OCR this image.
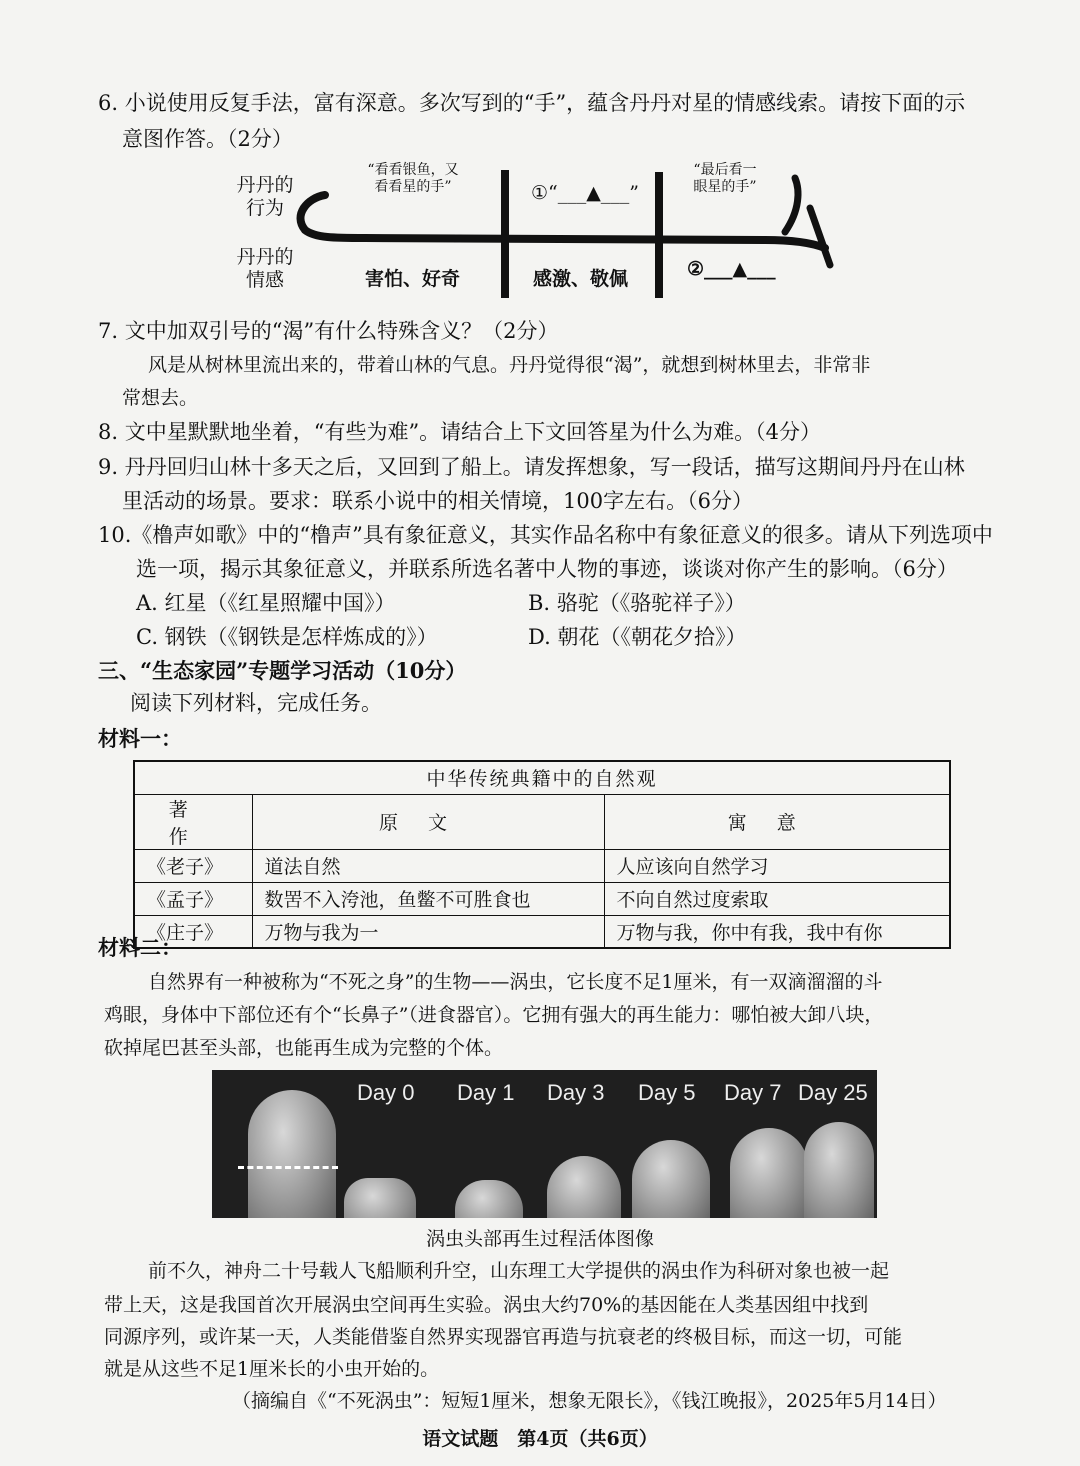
6. 小说使用反复手法，富有深意。多次写到的“手”，蕴含丹丹对星的情感线索。请按下面的示
意图作答。（2分）
丹丹的行为
丹丹的情感
“看看银鱼，又看看星的手”	①“___▲___”
“最后看一眼星的手”
害怕、好奇	感激、敬佩	②___▲___
7. 文中加双引号的“渴”有什么特殊含义？（2分）
风是从树林里流出来的，带着山林的气息。丹丹觉得很“渴”，就想到树林里去，非常非
常想去。
8. 文中星默默地坐着，“有些为难”。请结合上下文回答星为什么为难。（4分）
9. 丹丹回归山林十多天之后，又回到了船上。请发挥想象，写一段话，描写这期间丹丹在山林
里活动的场景。要求：联系小说中的相关情境，100字左右。（6分）
10.《橹声如歌》中的“橹声”具有象征意义，其实作品名称中有象征意义的很多。请从下列选项中
选一项，揭示其象征意义，并联系所选名著中人物的事迹，谈谈对你产生的影响。（6分）
A. 红星（《红星照耀中国》）	B. 骆驼（《骆驼祥子》）
C. 钢铁（《钢铁是怎样炼成的》）	D. 朝花（《朝花夕拾》）
三、“生态家园”专题学习活动（10分）
阅读下列材料，完成任务。
材料一：
中华传统典籍中的自然观		
著作	原文	寓意
《老子》	道法自然	人应该向自然学习
《孟子》	数罟不入洿池，鱼鳖不可胜食也	不向自然过度索取
《庄子》	万物与我为一	万物与我，你中有我，我中有你
材料二：
自然界有一种被称为“不死之身”的生物——涡虫，它长度不足1厘米，有一双滴溜溜的斗
鸡眼，身体中下部位还有个“长鼻子”（进食器官）。它拥有强大的再生能力：哪怕被大卸八块，
砍掉尾巴甚至头部，也能再生成为完整的个体。
Day 0 Day 1 Day 3 Day 5 Day 7 Day 25
涡虫头部再生过程活体图像
前不久，神舟二十号载人飞船顺利升空，山东理工大学提供的涡虫作为科研对象也被一起
带上天，这是我国首次开展涡虫空间再生实验。涡虫大约70%的基因能在人类基因组中找到
同源序列，或许某一天，人类能借鉴自然界实现器官再造与抗衰老的终极目标，而这一切，可能
就是从这些不足1厘米长的小虫开始的。
（摘编自《“不死涡虫”：短短1厘米，想象无限长》，《钱江晚报》，2025年5月14日）
语文试题　第4页（共6页）
